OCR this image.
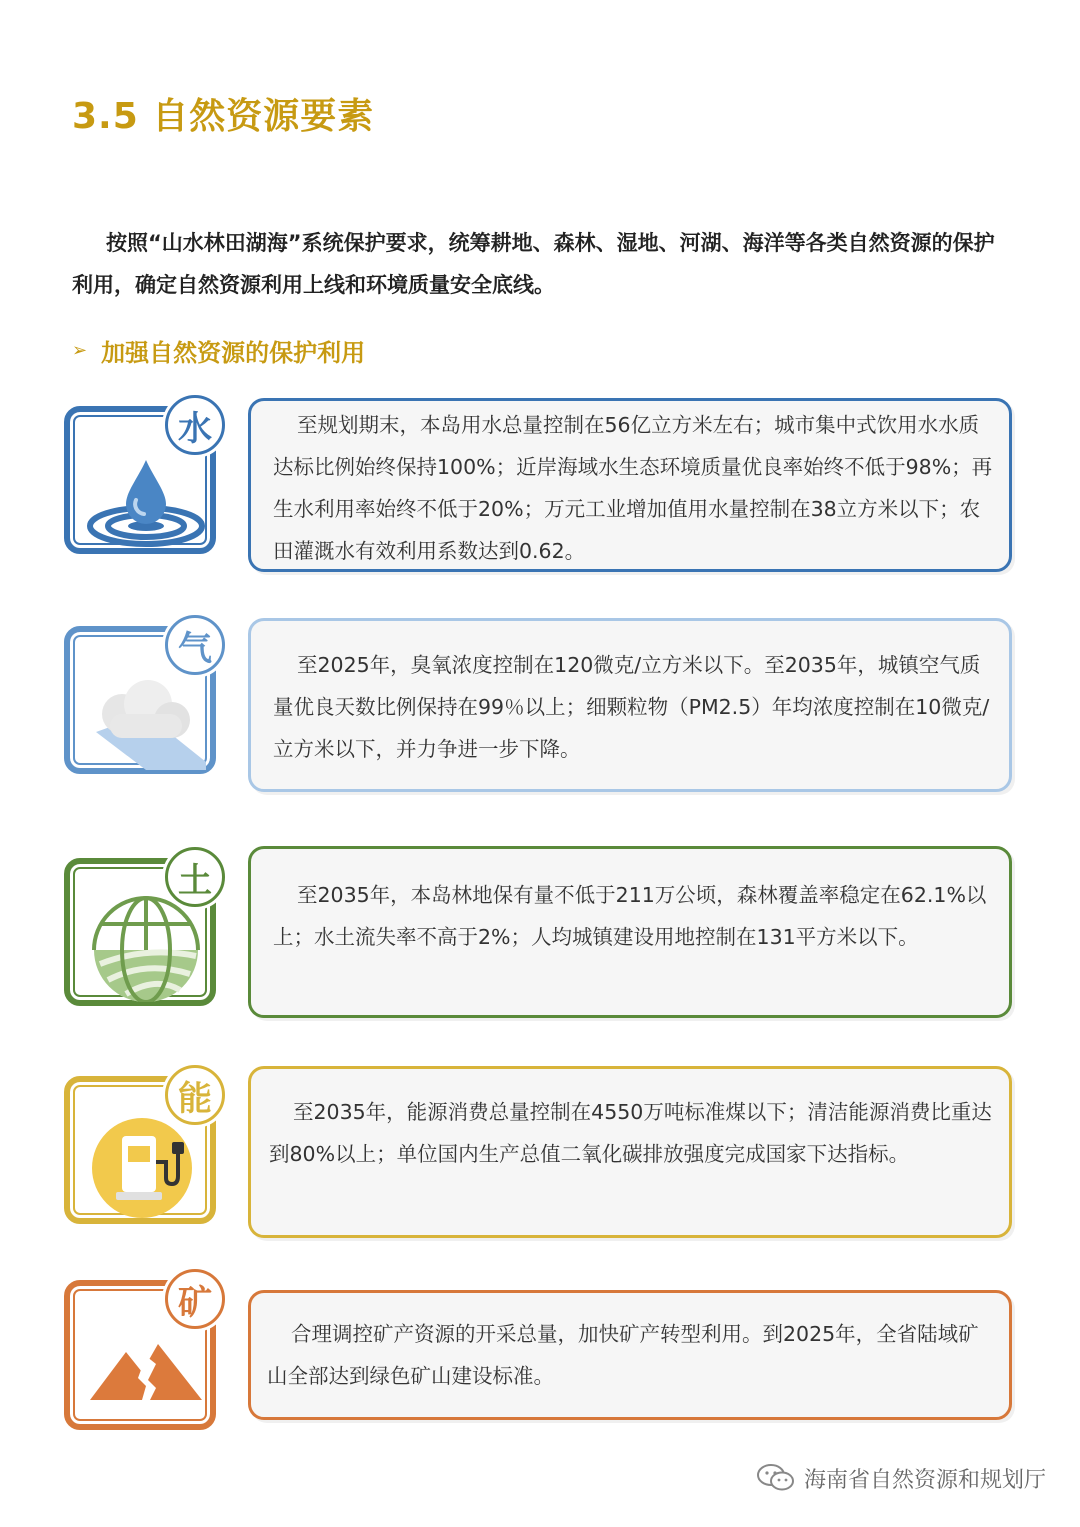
3.5 自然资源要素
按照“山水林田湖海”系统保护要求，统筹耕地、森林、湿地、河湖、海洋等各类自然资源的保护利用，确定自然资源利用上线和环境质量安全底线。
➢ 加强自然资源的保护利用
水	至规划期末，本岛用水总量控制在56亿立方米左右；城市集中式饮用水水质达标比例始终保持100%；近岸海域水生态环境质量优良率始终不低于98%；再生水利用率始终不低于20%；万元工业增加值用水量控制在38立方米以下；农田灌溉水有效利用系数达到0.62。
气	至2025年，臭氧浓度控制在120微克/立方米以下。至2035年，城镇空气质量优良天数比例保持在99％以上；细颗粒物（PM2.5）年均浓度控制在10微克/立方米以下，并力争进一步下降。
土	至2035年，本岛林地保有量不低于211万公顷，森林覆盖率稳定在62.1%以上；水土流失率不高于2%；人均城镇建设用地控制在131平方米以下。
能	至2035年，能源消费总量控制在4550万吨标准煤以下；清洁能源消费比重达到80%以上；单位国内生产总值二氧化碳排放强度完成国家下达指标。
矿
合理调控矿产资源的开采总量，加快矿产转型利用。到2025年，全省陆域矿山全部达到绿色矿山建设标准。
海南省自然资源和规划厅
